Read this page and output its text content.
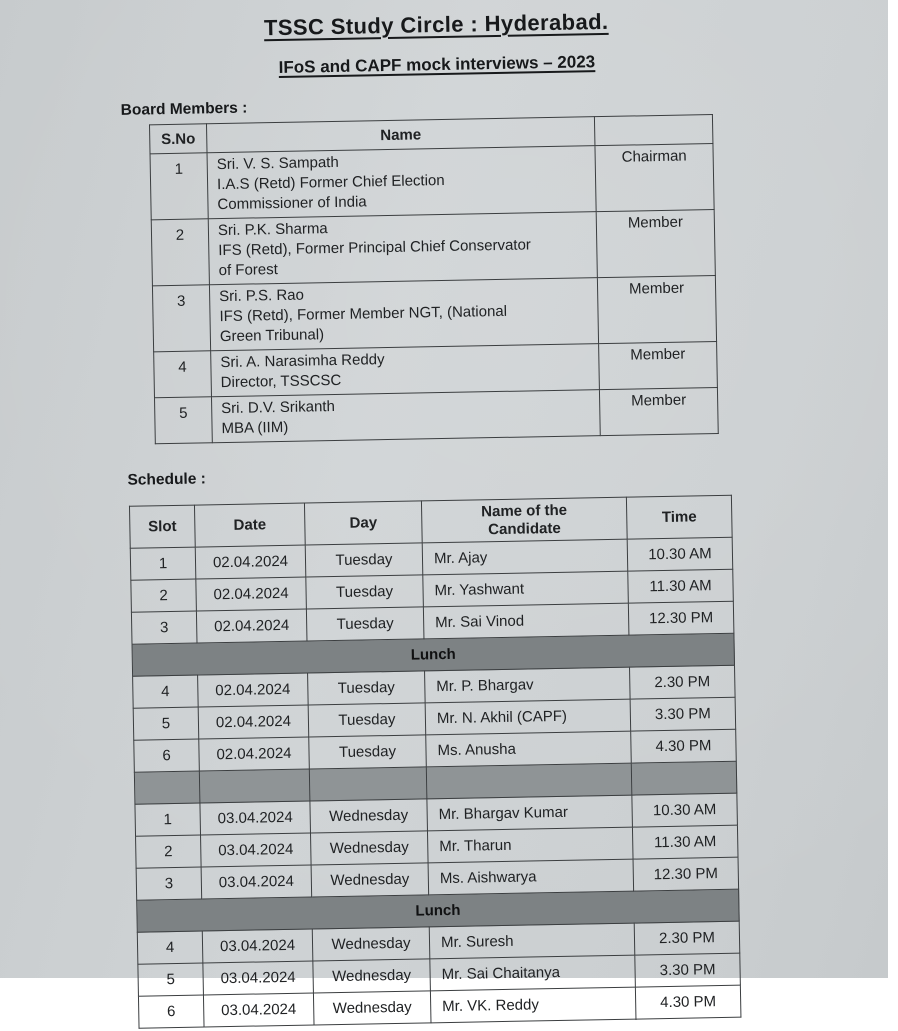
TSSC Study Circle : Hyderabad.
IFoS and CAPF mock interviews – 2023
Board Members :
S.No	Name	
1	Sri. V. S. Sampath
I.A.S (Retd) Former Chief Election
Commissioner of India	Chairman
2	Sri. P.K. Sharma
IFS (Retd), Former Principal Chief Conservator
of Forest	Member
3	Sri. P.S. Rao
IFS (Retd), Former Member NGT, (National
Green Tribunal)	Member
4	Sri. A. Narasimha Reddy
Director, TSSCSC	Member
5	Sri. D.V. Srikanth
MBA (IIM)	Member
Schedule :
Slot	Date	Day	Name of the Candidate	Time
1	02.04.2024	Tuesday	Mr. Ajay	10.30 AM
2	02.04.2024	Tuesday	Mr. Yashwant	11.30 AM
3	02.04.2024	Tuesday	Mr. Sai Vinod	12.30 PM
Lunch				
4	02.04.2024	Tuesday	Mr. P. Bhargav	2.30 PM
5	02.04.2024	Tuesday	Mr. N. Akhil (CAPF)	3.30 PM
6	02.04.2024	Tuesday	Ms. Anusha	4.30 PM

1	03.04.2024	Wednesday	Mr. Bhargav Kumar	10.30 AM
2	03.04.2024	Wednesday	Mr. Tharun	11.30 AM
3	03.04.2024	Wednesday	Ms. Aishwarya	12.30 PM
Lunch				
4	03.04.2024	Wednesday	Mr. Suresh	2.30 PM
5	03.04.2024	Wednesday	Mr. Sai Chaitanya	3.30 PM
6	03.04.2024	Wednesday	Mr. VK. Reddy	4.30 PM
